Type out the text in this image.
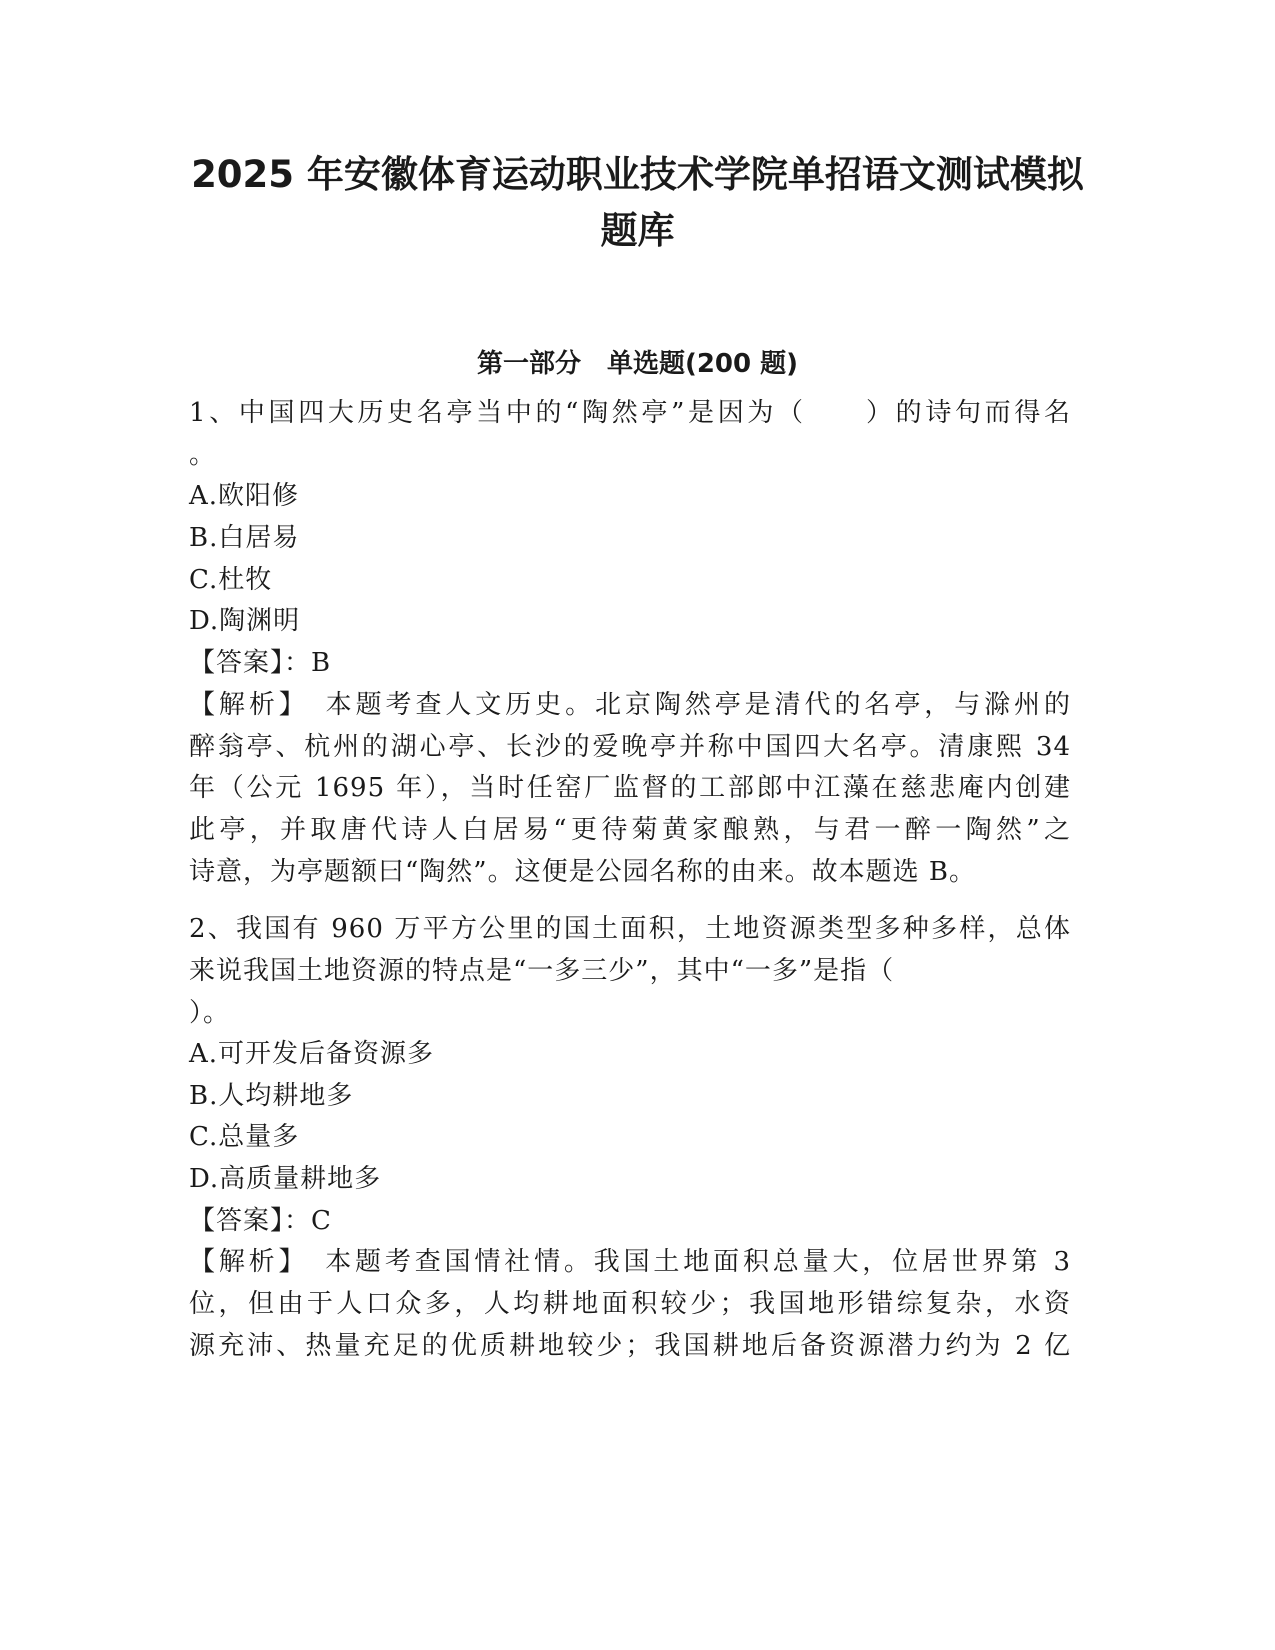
2025 年安徽体育运动职业技术学院单招语文测试模拟
题库
第一部分　单选题(200 题)
1、中国四大历史名亭当中的“陶然亭”是因为（　　）的诗句而得名
。
A.欧阳修
B.白居易
C.杜牧
D.陶渊明
【答案】：B
【解析】　本题考查人文历史。北京陶然亭是清代的名亭，与滁州的
醉翁亭、杭州的湖心亭、长沙的爱晚亭并称中国四大名亭。清康熙 34
年（公元 1695 年），当时任窑厂监督的工部郎中江藻在慈悲庵内创建
此亭，并取唐代诗人白居易“更待菊黄家酿熟，与君一醉一陶然”之
诗意，为亭题额曰“陶然”。这便是公园名称的由来。故本题选 B。
2、我国有 960 万平方公里的国土面积，土地资源类型多种多样，总体
来说我国土地资源的特点是“一多三少”，其中“一多”是指（
）。
A.可开发后备资源多
B.人均耕地多
C.总量多
D.高质量耕地多
【答案】：C
【解析】　本题考查国情社情。我国土地面积总量大，位居世界第 3
位，但由于人口众多，人均耕地面积较少；我国地形错综复杂，水资
源充沛、热量充足的优质耕地较少；我国耕地后备资源潜力约为 2 亿
